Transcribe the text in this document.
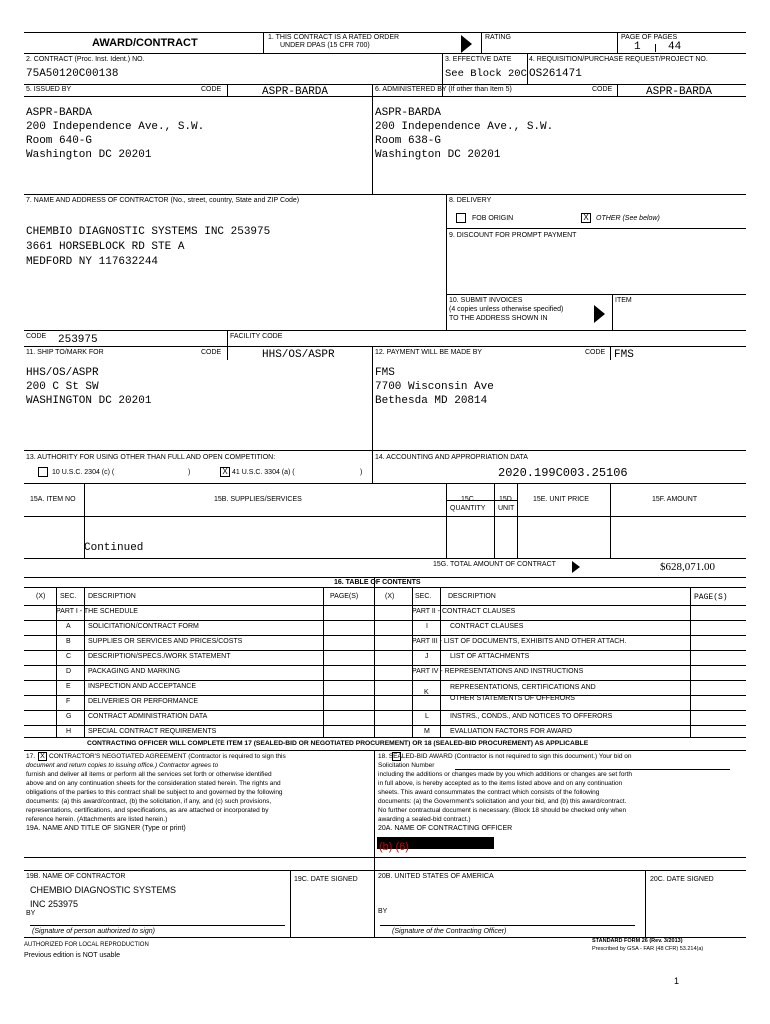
AWARD/CONTRACT	1. THIS CONTRACT IS A RATED ORDER
UNDER DPAS (15 CFR 700)
RATING	PAGE OF PAGES
1 44
2. CONTRACT (Proc. Inst. Ident.) NO.
75A50120C00138
3. EFFECTIVE DATE
See Block 20C
4. REQUISITION/PURCHASE REQUEST/PROJECT NO.
OS261471
5. ISSUED BY	CODE	ASPR-BARDA
ASPR-BARDA
200 Independence Ave., S.W.
Room 640-G
Washington DC 20201
6. ADMINISTERED BY (If other than Item 5)	CODE	ASPR-BARDA
ASPR-BARDA
200 Independence Ave., S.W.
Room 638-G
Washington DC 20201
7. NAME AND ADDRESS OF CONTRACTOR (No., street, country, State and ZIP Code)
CHEMBIO DIAGNOSTIC SYSTEMS INC 253975
3661 HORSEBLOCK RD STE A
MEDFORD NY 117632244
CODE 253975	FACILITY CODE
8. DELIVERY
FOB ORIGIN	X	OTHER (See below)
9. DISCOUNT FOR PROMPT PAYMENT
10. SUBMIT INVOICES
(4 copies unless otherwise specified)
TO THE ADDRESS SHOWN IN
ITEM
11. SHIP TO/MARK FOR	CODE	HHS/OS/ASPR
HHS/OS/ASPR
200 C St SW
WASHINGTON DC 20201
12. PAYMENT WILL BE MADE BY	CODE FMS
FMS
7700 Wisconsin Ave
Bethesda MD 20814
13. AUTHORITY FOR USING OTHER THAN FULL AND OPEN COMPETITION:
10 U.S.C. 2304 (c) (	)	X 41 U.S.C. 3304 (a) (	)
14. ACCOUNTING AND APPROPRIATION DATA
2020.199C003.25106
15A. ITEM NO	15B. SUPPLIES/SERVICES	15C.
QUANTITY
15D.
UNIT
15E. UNIT PRICE	15F. AMOUNT
Continued
15G. TOTAL AMOUNT OF CONTRACT	$628,071.00
16. TABLE OF CONTENTS
(X) SEC. DESCRIPTION	PAGE(S)	(X)	SEC. DESCRIPTION	PAGE(S)
PART I - THE SCHEDULE
A SOLICITATION/CONTRACT FORM
B SUPPLIES OR SERVICES AND PRICES/COSTS
C DESCRIPTION/SPECS./WORK STATEMENT
D PACKAGING AND MARKING
E INSPECTION AND ACCEPTANCE
F	DELIVERIES OR PERFORMANCE
G CONTRACT ADMINISTRATION DATA
H SPECIAL CONTRACT REQUIREMENTS
PART II - CONTRACT CLAUSES
I	CONTRACT CLAUSES
PART III - LIST OF DOCUMENTS, EXHIBITS AND OTHER ATTACH.
J	LIST OF ATTACHMENTS
PART IV - REPRESENTATIONS AND INSTRUCTIONS
K
REPRESENTATIONS, CERTIFICATIONS AND
OTHER STATEMENTS OF OFFERORS
L	INSTRS., CONDS., AND NOTICES TO OFFERORS
M	EVALUATION FACTORS FOR AWARD
CONTRACTING OFFICER WILL COMPLETE ITEM 17 (SEALED-BID OR NEGOTIATED PROCUREMENT) OR 18 (SEALED-BID PROCUREMENT) AS APPLICABLE
17. X CONTRACTOR'S NEGOTIATED AGREEMENT (Contractor is required to sign this
document and return copies to issuing office.) Contractor agrees to
furnish and deliver all items or perform all the services set forth or otherwise identified
above and on any continuation sheets for the consideration stated herein. The rights and
obligations of the parties to this contract shall be subject to and governed by the following
documents: (a) this award/contract, (b) the solicitation, if any, and (c) such provisions,
representations, certifications, and specifications, as are attached or incorporated by
reference herein. (Attachments are listed herein.)
18. SEALED-BID AWARD (Contractor is not required to sign this document.) Your bid on
Solicitation Number
including the additions or changes made by you which additions or changes are set forth
in full above, is hereby accepted as to the items listed above and on any continuation
sheets. This award consummates the contract which consists of the following
documents: (a) the Government's solicitation and your bid, and (b) this award/contract.
No further contractual document is necessary. (Block 18 should be checked only when
awarding a sealed-bid contract.)
19A. NAME AND TITLE OF SIGNER (Type or print)	20A. NAME OF CONTRACTING OFFICER
(b) (6)
19B. NAME OF CONTRACTOR
CHEMBIO DIAGNOSTIC SYSTEMS
INC 253975
BY
(Signature of person authorized to sign)
19C. DATE SIGNED	20B. UNITED STATES OF AMERICA
BY
(Signature of the Contracting Officer)
20C. DATE SIGNED
AUTHORIZED FOR LOCAL REPRODUCTION
Previous edition is NOT usable
STANDARD FORM 26 (Rev. 3/2013)
Prescribed by GSA - FAR (48 CFR) 53.214(a)
1
